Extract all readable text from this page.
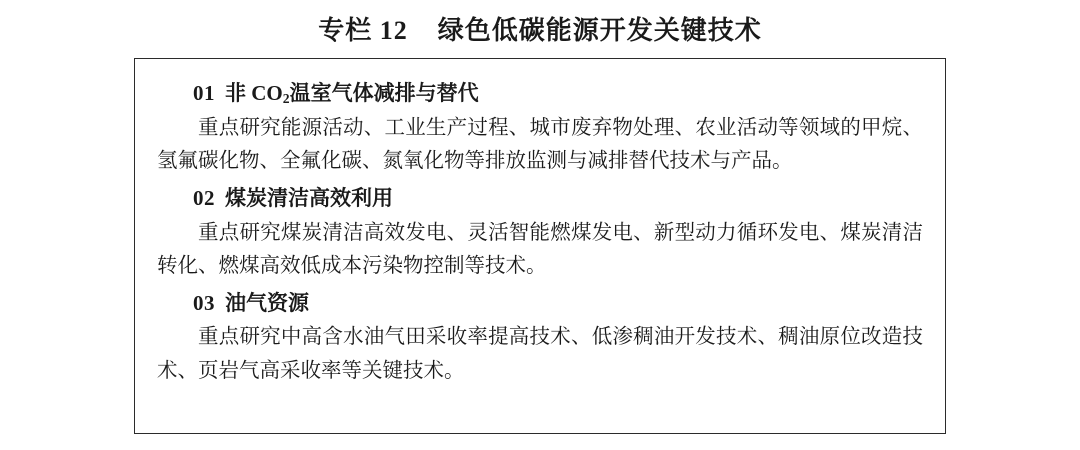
专栏 12    绿色低碳能源开发关键技术
01 非 $CO_2$温室气体减排与替代

重点研究能源活动、工业生产过程、城市废弃物处理、农业活动等领域的甲烷、氢氟碳化物、全氟化碳、氮氧化物等排放监测与减排替代技术与产品。

02 煤炭清洁高效利用

重点研究煤炭清洁高效发电、灵活智能燃煤发电、新型动力循环发电、煤炭清洁转化、燃煤高效低成本污染物控制等技术。

03 油气资源

重点研究中高含水油气田采收率提高技术、低渗稠油开发技术、稠油原位改造技术、页岩气高采收率等关键技术。
